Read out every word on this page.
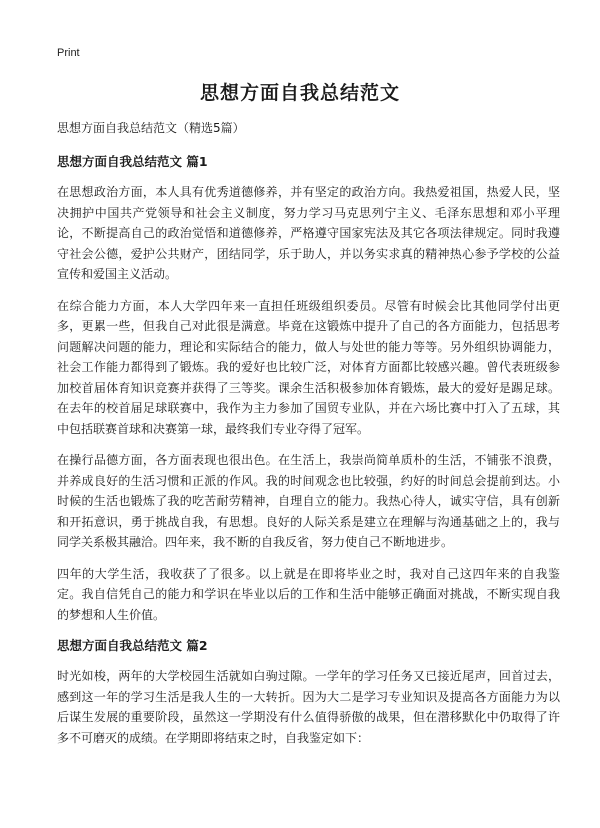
Print
思想方面自我总结范文

思想方面自我总结范文（精选5篇）

思想方面自我总结范文 篇1

在思想政治方面，本人具有优秀道德修养，并有坚定的政治方向。我热爱祖国，热爱人民，坚决拥护中国共产党领导和社会主义制度，努力学习马克思列宁主义、毛泽东思想和邓小平理论，不断提高自己的政治觉悟和道德修养，严格遵守国家宪法及其它各项法律规定。同时我遵守社会公德，爱护公共财产，团结同学，乐于助人，并以务实求真的精神热心参予学校的公益宣传和爱国主义活动。

在综合能力方面，本人大学四年来一直担任班级组织委员。尽管有时候会比其他同学付出更多，更累一些，但我自己对此很是满意。毕竟在这锻炼中提升了自己的各方面能力，包括思考问题解决问题的能力，理论和实际结合的能力，做人与处世的能力等等。另外组织协调能力，社会工作能力都得到了锻炼。我的爱好也比较广泛，对体育方面都比较感兴趣。曾代表班级参加校首届体育知识竞赛并获得了三等奖。课余生活积极参加体育锻炼，最大的爱好是踢足球。在去年的校首届足球联赛中，我作为主力参加了国贸专业队，并在六场比赛中打入了五球，其中包括联赛首球和决赛第一球，最终我们专业夺得了冠军。

在操行品德方面，各方面表现也很出色。在生活上，我崇尚简单质朴的生活，不铺张不浪费，并养成良好的生活习惯和正派的作风。我的时间观念也比较强，约好的时间总会提前到达。小时候的生活也锻炼了我的吃苦耐劳精神，自理自立的能力。我热心待人，诚实守信，具有创新和开拓意识，勇于挑战自我，有思想。良好的人际关系是建立在理解与沟通基础之上的，我与同学关系极其融洽。四年来，我不断的自我反省，努力使自己不断地进步。

四年的大学生活，我收获了了很多。以上就是在即将毕业之时，我对自己这四年来的自我鉴定。我自信凭自己的能力和学识在毕业以后的工作和生活中能够正确面对挑战，不断实现自我的梦想和人生价值。

思想方面自我总结范文 篇2

时光如梭，两年的大学校园生活就如白驹过隙。一学年的学习任务又已接近尾声，回首过去，感到这一年的学习生活是我人生的一大转折。因为大二是学习专业知识及提高各方面能力为以后谋生发展的重要阶段，虽然这一学期没有什么值得骄傲的战果，但在潜移默化中仍取得了许多不可磨灭的成绩。在学期即将结束之时，自我鉴定如下：
